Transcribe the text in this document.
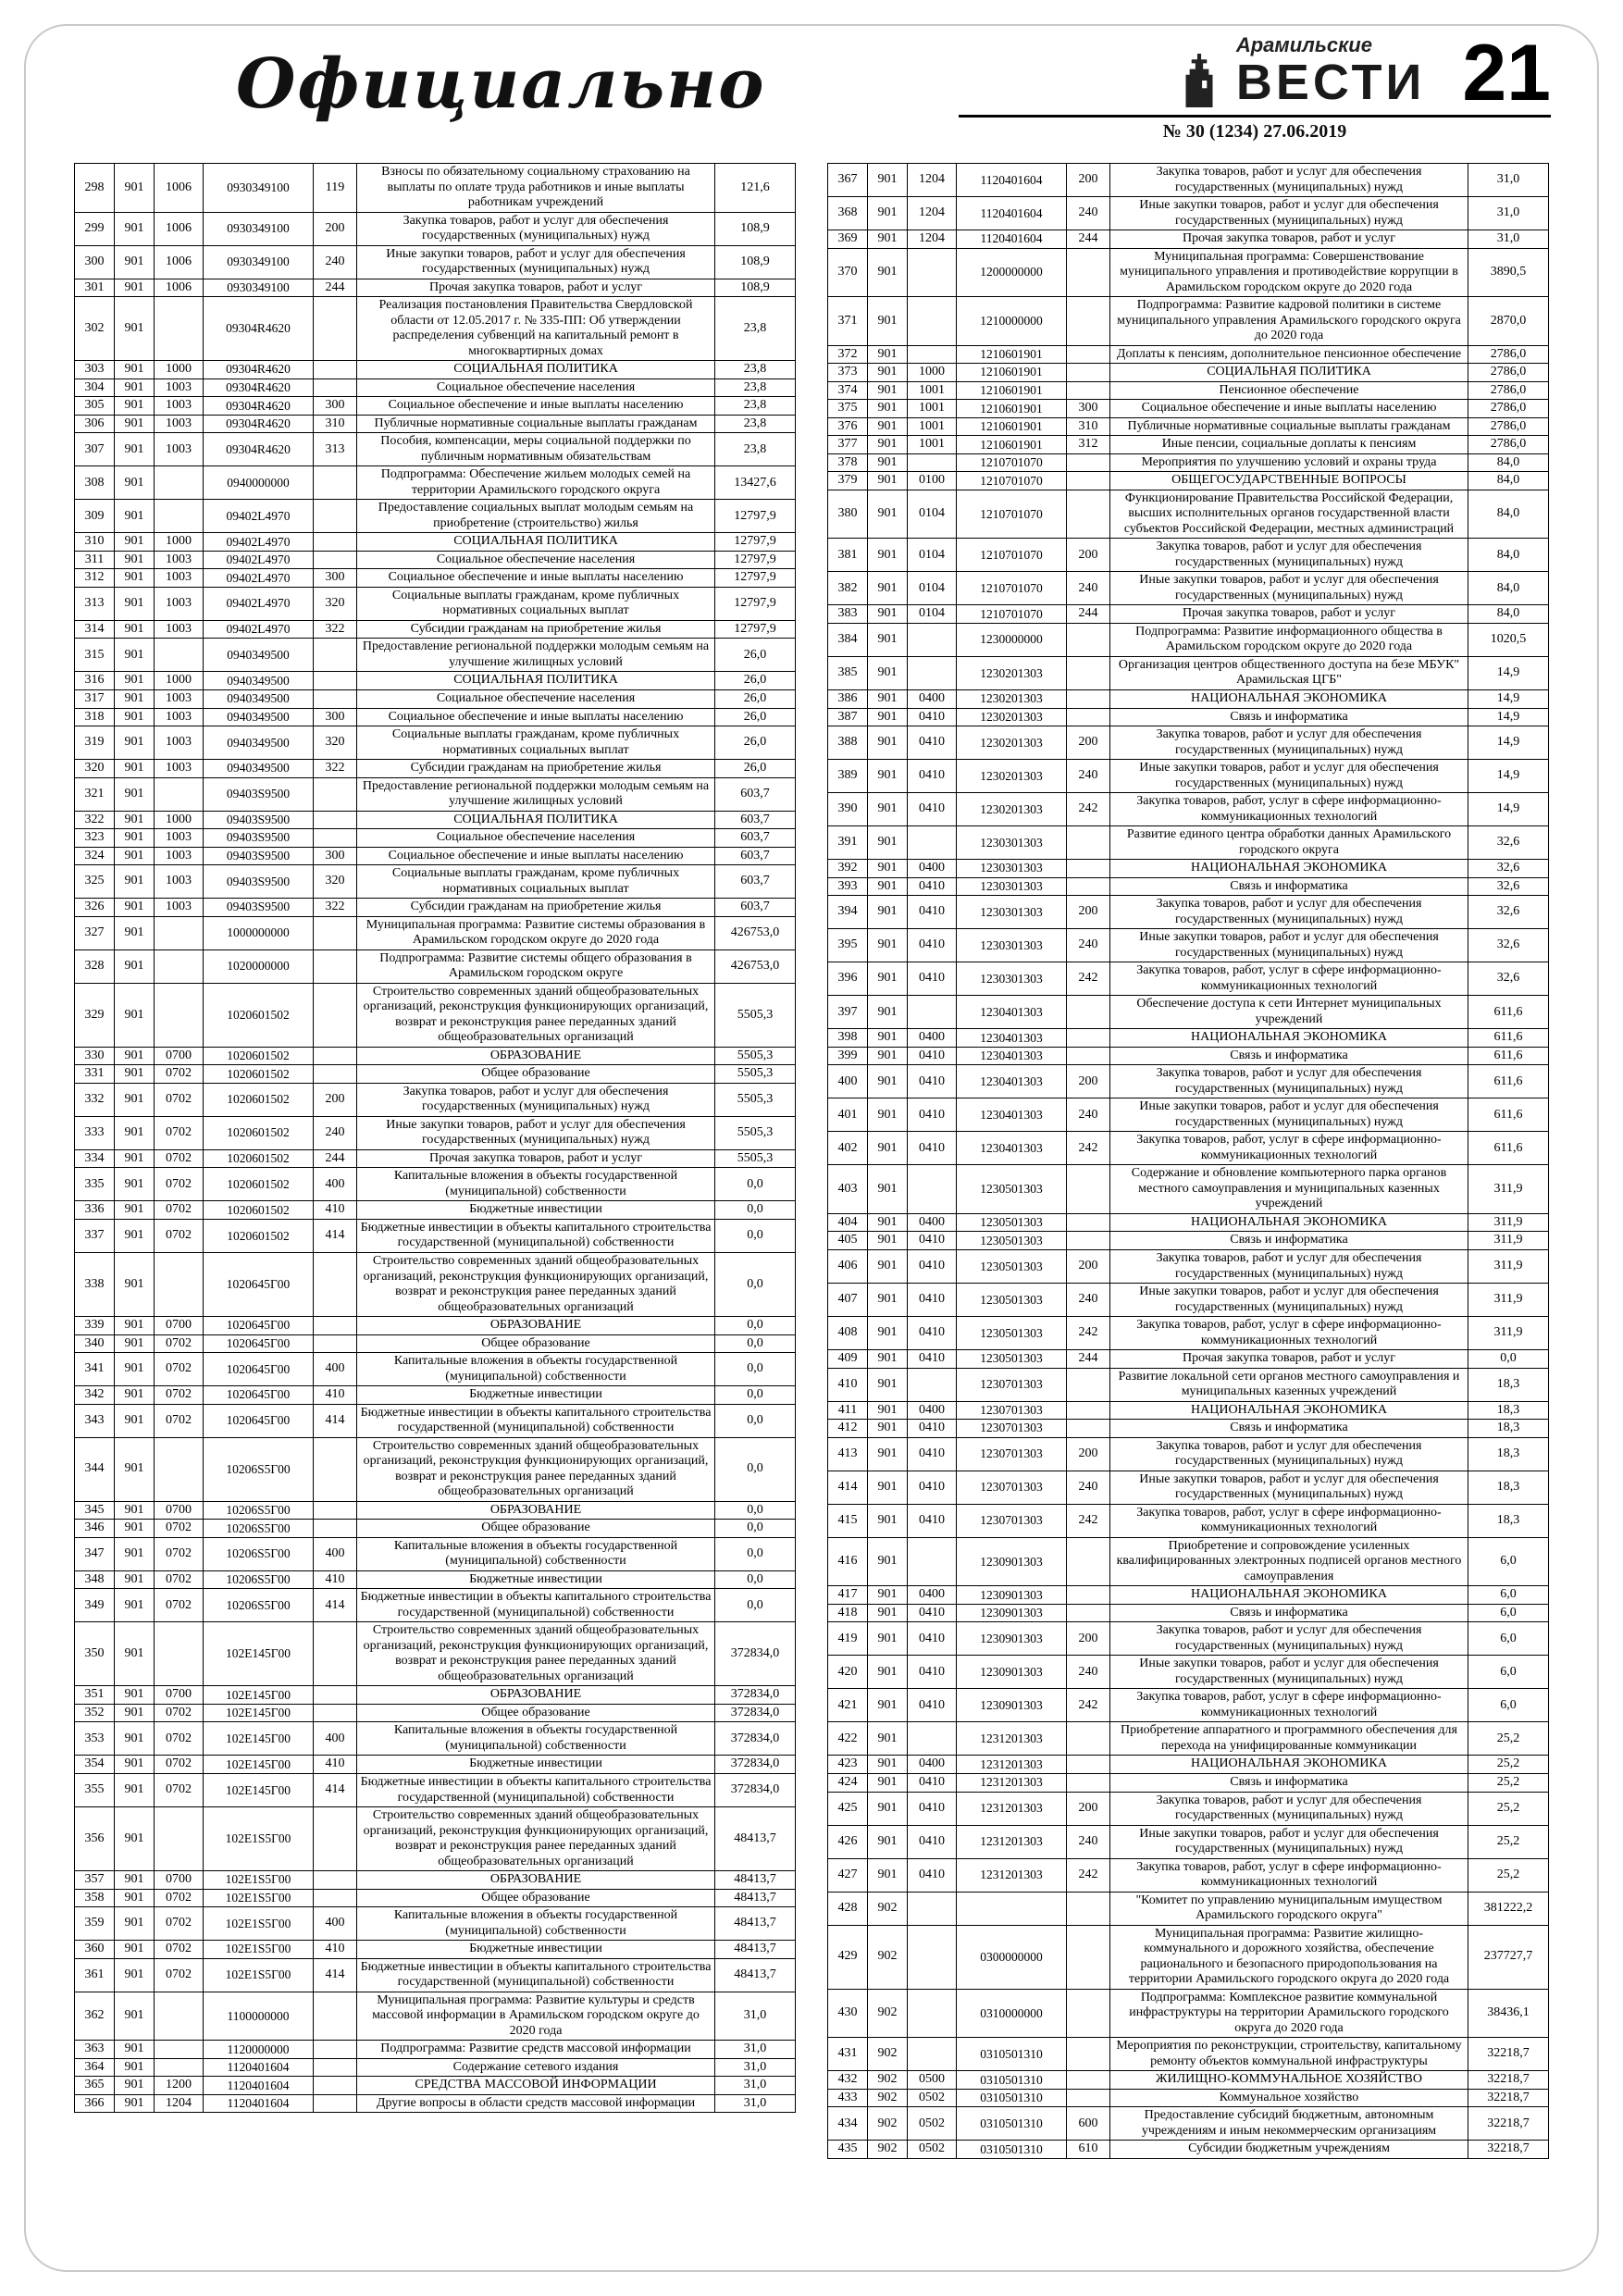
Официально	Арамильские
ВЕСТИ 21
№ 30 (1234) 27.06.2019
298	901	1006	0930349100	119	Взносы по обязательному социальному страхованию на выплаты по оплате труда работников и иные выплаты работникам учреждений	121,6
299	901	1006	0930349100	200	Закупка товаров, работ и услуг для обеспечения государственных (муниципальных) нужд	108,9
300	901	1006	0930349100	240	Иные закупки товаров, работ и услуг для обеспечения государственных (муниципальных) нужд	108,9
301	901	1006	0930349100	244	Прочая закупка товаров, работ и услуг	108,9
302	901		09304R4620		Реализация постановления Правительства Свердловской области от 12.05.2017 г. № 335-ПП: Об утверждении распределения субвенций на капитальный ремонт в многоквартирных домах	23,8
303	901	1000	09304R4620		СОЦИАЛЬНАЯ ПОЛИТИКА	23,8
304	901	1003	09304R4620		Социальное обеспечение населения	23,8
305	901	1003	09304R4620	300	Социальное обеспечение и иные выплаты населению	23,8
306	901	1003	09304R4620	310	Публичные нормативные социальные выплаты гражданам	23,8
307	901	1003	09304R4620	313	Пособия, компенсации, меры социальной поддержки по публичным нормативным обязательствам	23,8
308	901		0940000000		Подпрограмма: Обеспечение жильем молодых семей на территории Арамильского городского округа	13427,6
309	901		09402L4970		Предоставление социальных выплат молодым семьям на приобретение (строительство) жилья	12797,9
310	901	1000	09402L4970		СОЦИАЛЬНАЯ ПОЛИТИКА	12797,9
311	901	1003	09402L4970		Социальное обеспечение населения	12797,9
312	901	1003	09402L4970	300	Социальное обеспечение и иные выплаты населению	12797,9
313	901	1003	09402L4970	320	Социальные выплаты гражданам, кроме публичных нормативных социальных выплат	12797,9
314	901	1003	09402L4970	322	Субсидии гражданам на приобретение жилья	12797,9
315	901		0940349500		Предоставление региональной поддержки молодым семьям на улучшение жилищных условий	26,0
316	901	1000	0940349500		СОЦИАЛЬНАЯ ПОЛИТИКА	26,0
317	901	1003	0940349500		Социальное обеспечение населения	26,0
318	901	1003	0940349500	300	Социальное обеспечение и иные выплаты населению	26,0
319	901	1003	0940349500	320	Социальные выплаты гражданам, кроме публичных нормативных социальных выплат	26,0
320	901	1003	0940349500	322	Субсидии гражданам на приобретение жилья	26,0
321	901		09403S9500		Предоставление региональной поддержки молодым семьям на улучшение жилищных условий	603,7
322	901	1000	09403S9500		СОЦИАЛЬНАЯ ПОЛИТИКА	603,7
323	901	1003	09403S9500		Социальное обеспечение населения	603,7
324	901	1003	09403S9500	300	Социальное обеспечение и иные выплаты населению	603,7
325	901	1003	09403S9500	320	Социальные выплаты гражданам, кроме публичных нормативных социальных выплат	603,7
326	901	1003	09403S9500	322	Субсидии гражданам на приобретение жилья	603,7
327	901		1000000000		Муниципальная программа: Развитие системы образования в Арамильском городском округе до 2020 года	426753,0
328	901		1020000000		Подпрограмма: Развитие системы общего образования в Арамильском городском округе	426753,0
329	901		1020601502		Строительство современных зданий общеобразовательных организаций, реконструкция функционирующих организаций, возврат и реконструкция ранее переданных зданий общеобразовательных организаций	5505,3
330	901	0700	1020601502		ОБРАЗОВАНИЕ	5505,3
331	901	0702	1020601502		Общее образование	5505,3
332	901	0702	1020601502	200	Закупка товаров, работ и услуг для обеспечения государственных (муниципальных) нужд	5505,3
333	901	0702	1020601502	240	Иные закупки товаров, работ и услуг для обеспечения государственных (муниципальных) нужд	5505,3
334	901	0702	1020601502	244	Прочая закупка товаров, работ и услуг	5505,3
335	901	0702	1020601502	400	Капитальные вложения в объекты государственной (муниципальной) собственности	0,0
336	901	0702	1020601502	410	Бюджетные инвестиции	0,0
337	901	0702	1020601502	414	Бюджетные инвестиции в объекты капитального строительства государственной (муниципальной) собственности	0,0
338	901		1020645Г00		Строительство современных зданий общеобразовательных организаций, реконструкция функционирующих организаций, возврат и реконструкция ранее переданных зданий общеобразовательных организаций	0,0
339	901	0700	1020645Г00		ОБРАЗОВАНИЕ	0,0
340	901	0702	1020645Г00		Общее образование	0,0
341	901	0702	1020645Г00	400	Капитальные вложения в объекты государственной (муниципальной) собственности	0,0
342	901	0702	1020645Г00	410	Бюджетные инвестиции	0,0
343	901	0702	1020645Г00	414	Бюджетные инвестиции в объекты капитального строительства государственной (муниципальной) собственности	0,0
344	901		10206S5Г00		Строительство современных зданий общеобразовательных организаций, реконструкция функционирующих организаций, возврат и реконструкция ранее переданных зданий общеобразовательных организаций	0,0
345	901	0700	10206S5Г00		ОБРАЗОВАНИЕ	0,0
346	901	0702	10206S5Г00		Общее образование	0,0
347	901	0702	10206S5Г00	400	Капитальные вложения в объекты государственной (муниципальной) собственности	0,0
348	901	0702	10206S5Г00	410	Бюджетные инвестиции	0,0
349	901	0702	10206S5Г00	414	Бюджетные инвестиции в объекты капитального строительства государственной (муниципальной) собственности	0,0
350	901		102E145Г00		Строительство современных зданий общеобразовательных организаций, реконструкция функционирующих организаций, возврат и реконструкция ранее переданных зданий общеобразовательных организаций	372834,0
351	901	0700	102E145Г00		ОБРАЗОВАНИЕ	372834,0
352	901	0702	102E145Г00		Общее образование	372834,0
353	901	0702	102E145Г00	400	Капитальные вложения в объекты государственной (муниципальной) собственности	372834,0
354	901	0702	102E145Г00	410	Бюджетные инвестиции	372834,0
355	901	0702	102E145Г00	414	Бюджетные инвестиции в объекты капитального строительства государственной (муниципальной) собственности	372834,0
356	901		102E1S5Г00		Строительство современных зданий общеобразовательных организаций, реконструкция функционирующих организаций, возврат и реконструкция ранее переданных зданий общеобразовательных организаций	48413,7
357	901	0700	102E1S5Г00		ОБРАЗОВАНИЕ	48413,7
358	901	0702	102E1S5Г00		Общее образование	48413,7
359	901	0702	102E1S5Г00	400	Капитальные вложения в объекты государственной (муниципальной) собственности	48413,7
360	901	0702	102E1S5Г00	410	Бюджетные инвестиции	48413,7
361	901	0702	102E1S5Г00	414	Бюджетные инвестиции в объекты капитального строительства государственной (муниципальной) собственности	48413,7
362	901		1100000000		Муниципальная программа: Развитие культуры и средств массовой информации в Арамильском городском округе до 2020 года	31,0
363	901		1120000000		Подпрограмма: Развитие средств массовой информации	31,0
364	901		1120401604		Содержание сетевого издания	31,0
365	901	1200	1120401604		СРЕДСТВА МАССОВОЙ ИНФОРМАЦИИ	31,0
366	901	1204	1120401604		Другие вопросы в области средств массовой информации	31,0
367	901	1204	1120401604	200	Закупка товаров, работ и услуг для обеспечения государственных (муниципальных) нужд	31,0
368	901	1204	1120401604	240	Иные закупки товаров, работ и услуг для обеспечения государственных (муниципальных) нужд	31,0
369	901	1204	1120401604	244	Прочая закупка товаров, работ и услуг	31,0
370	901		1200000000		Муниципальная программа: Совершенствование муниципального управления и противодействие коррупции в Арамильском городском округе до 2020 года	3890,5
371	901		1210000000		Подпрограмма: Развитие кадровой политики в системе муниципального управления Арамильского городского округа до 2020 года	2870,0
372	901		1210601901		Доплаты к пенсиям, дополнительное пенсионное обеспечение	2786,0
373	901	1000	1210601901		СОЦИАЛЬНАЯ ПОЛИТИКА	2786,0
374	901	1001	1210601901		Пенсионное обеспечение	2786,0
375	901	1001	1210601901	300	Социальное обеспечение и иные выплаты населению	2786,0
376	901	1001	1210601901	310	Публичные нормативные социальные выплаты гражданам	2786,0
377	901	1001	1210601901	312	Иные пенсии, социальные доплаты к пенсиям	2786,0
378	901		1210701070		Мероприятия по улучшению условий и охраны труда	84,0
379	901	0100	1210701070		ОБЩЕГОСУДАРСТВЕННЫЕ ВОПРОСЫ	84,0
380	901	0104	1210701070		Функционирование Правительства Российской Федерации, высших исполнительных органов государственной власти субъектов Российской Федерации, местных администраций	84,0
381	901	0104	1210701070	200	Закупка товаров, работ и услуг для обеспечения государственных (муниципальных) нужд	84,0
382	901	0104	1210701070	240	Иные закупки товаров, работ и услуг для обеспечения государственных (муниципальных) нужд	84,0
383	901	0104	1210701070	244	Прочая закупка товаров, работ и услуг	84,0
384	901		1230000000		Подпрограмма: Развитие информационного общества в Арамильском городском округе до 2020 года	1020,5
385	901		1230201303		Организация центров общественного доступа на безе МБУК" Арамильская ЦГБ"	14,9
386	901	0400	1230201303		НАЦИОНАЛЬНАЯ ЭКОНОМИКА	14,9
387	901	0410	1230201303		Связь и информатика	14,9
388	901	0410	1230201303	200	Закупка товаров, работ и услуг для обеспечения государственных (муниципальных) нужд	14,9
389	901	0410	1230201303	240	Иные закупки товаров, работ и услуг для обеспечения государственных (муниципальных) нужд	14,9
390	901	0410	1230201303	242	Закупка товаров, работ, услуг в сфере информационно-коммуникационных технологий	14,9
391	901		1230301303		Развитие единого центра обработки данных Арамильского городского округа	32,6
392	901	0400	1230301303		НАЦИОНАЛЬНАЯ ЭКОНОМИКА	32,6
393	901	0410	1230301303		Связь и информатика	32,6
394	901	0410	1230301303	200	Закупка товаров, работ и услуг для обеспечения государственных (муниципальных) нужд	32,6
395	901	0410	1230301303	240	Иные закупки товаров, работ и услуг для обеспечения государственных (муниципальных) нужд	32,6
396	901	0410	1230301303	242	Закупка товаров, работ, услуг в сфере информационно-коммуникационных технологий	32,6
397	901		1230401303		Обеспечение доступа к сети Интернет муниципальных учреждений	611,6
398	901	0400	1230401303		НАЦИОНАЛЬНАЯ ЭКОНОМИКА	611,6
399	901	0410	1230401303		Связь и информатика	611,6
400	901	0410	1230401303	200	Закупка товаров, работ и услуг для обеспечения государственных (муниципальных) нужд	611,6
401	901	0410	1230401303	240	Иные закупки товаров, работ и услуг для обеспечения государственных (муниципальных) нужд	611,6
402	901	0410	1230401303	242	Закупка товаров, работ, услуг в сфере информационно-коммуникационных технологий	611,6
403	901		1230501303		Содержание и обновление компьютерного парка органов местного самоуправления и муниципальных казенных учреждений	311,9
404	901	0400	1230501303		НАЦИОНАЛЬНАЯ ЭКОНОМИКА	311,9
405	901	0410	1230501303		Связь и информатика	311,9
406	901	0410	1230501303	200	Закупка товаров, работ и услуг для обеспечения государственных (муниципальных) нужд	311,9
407	901	0410	1230501303	240	Иные закупки товаров, работ и услуг для обеспечения государственных (муниципальных) нужд	311,9
408	901	0410	1230501303	242	Закупка товаров, работ, услуг в сфере информационно-коммуникационных технологий	311,9
409	901	0410	1230501303	244	Прочая закупка товаров, работ и услуг	0,0
410	901		1230701303		Развитие локальной сети органов местного самоуправления и муниципальных казенных учреждений	18,3
411	901	0400	1230701303		НАЦИОНАЛЬНАЯ ЭКОНОМИКА	18,3
412	901	0410	1230701303		Связь и информатика	18,3
413	901	0410	1230701303	200	Закупка товаров, работ и услуг для обеспечения государственных (муниципальных) нужд	18,3
414	901	0410	1230701303	240	Иные закупки товаров, работ и услуг для обеспечения государственных (муниципальных) нужд	18,3
415	901	0410	1230701303	242	Закупка товаров, работ, услуг в сфере информационно-коммуникационных технологий	18,3
416	901		1230901303		Приобретение и сопровождение усиленных квалифицированных электронных подписей органов местного самоуправления	6,0
417	901	0400	1230901303		НАЦИОНАЛЬНАЯ ЭКОНОМИКА	6,0
418	901	0410	1230901303		Связь и информатика	6,0
419	901	0410	1230901303	200	Закупка товаров, работ и услуг для обеспечения государственных (муниципальных) нужд	6,0
420	901	0410	1230901303	240	Иные закупки товаров, работ и услуг для обеспечения государственных (муниципальных) нужд	6,0
421	901	0410	1230901303	242	Закупка товаров, работ, услуг в сфере информационно-коммуникационных технологий	6,0
422	901		1231201303		Приобретение аппаратного и программного обеспечения для перехода на унифицированные коммуникации	25,2
423	901	0400	1231201303		НАЦИОНАЛЬНАЯ ЭКОНОМИКА	25,2
424	901	0410	1231201303		Связь и информатика	25,2
425	901	0410	1231201303	200	Закупка товаров, работ и услуг для обеспечения государственных (муниципальных) нужд	25,2
426	901	0410	1231201303	240	Иные закупки товаров, работ и услуг для обеспечения государственных (муниципальных) нужд	25,2
427	901	0410	1231201303	242	Закупка товаров, работ, услуг в сфере информационно-коммуникационных технологий	25,2
428	902				"Комитет по управлению муниципальным имуществом Арамильского городского округа"	381222,2
429	902		0300000000		Муниципальная программа: Развитие жилищно-коммунального и дорожного хозяйства, обеспечение рационального и безопасного природопользования на территории Арамильского городского округа до 2020 года	237727,7
430	902		0310000000		Подпрограмма: Комплексное развитие коммунальной инфраструктуры на территории Арамильского городского округа до 2020 года	38436,1
431	902		0310501310		Мероприятия по реконструкции, строительству, капитальному ремонту объектов коммунальной инфраструктуры	32218,7
432	902	0500	0310501310		ЖИЛИЩНО-КОММУНАЛЬНОЕ ХОЗЯЙСТВО	32218,7
433	902	0502	0310501310		Коммунальное хозяйство	32218,7
434	902	0502	0310501310	600	Предоставление субсидий бюджетным, автономным учреждениям и иным некоммерческим организациям	32218,7
435	902	0502	0310501310	610	Субсидии бюджетным учреждениям	32218,7
